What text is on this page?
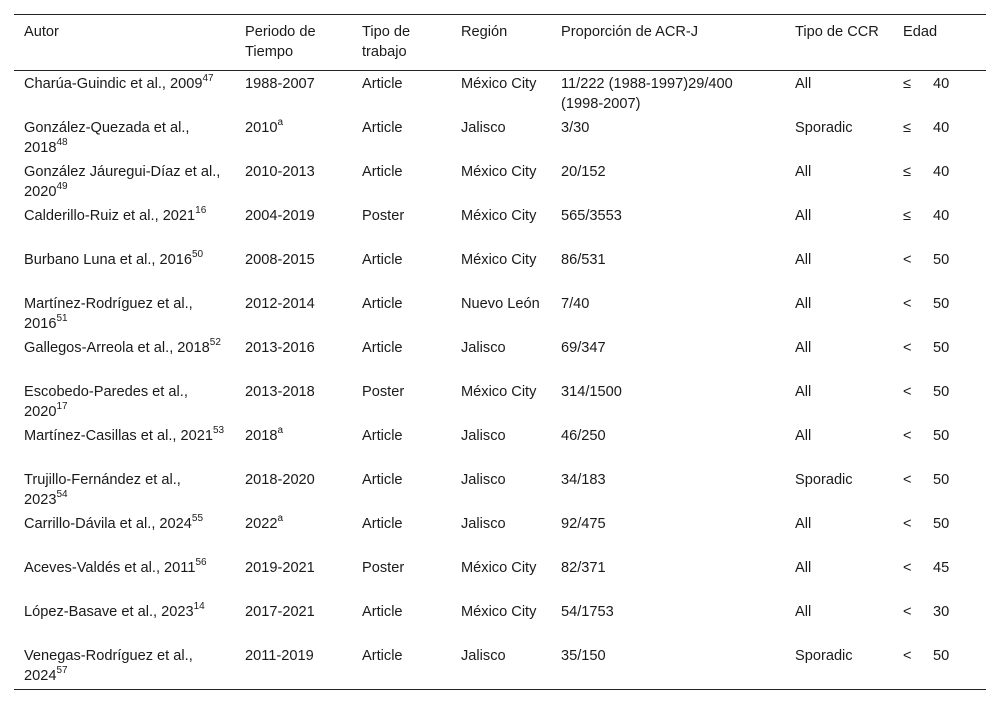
Autor	Periodo de Tiempo	Tipo de trabajo	Región	Proporción de ACR-J	Tipo de CCR	Edad
Charúa-Guindic et al., 2009$^{47}$	1988-2007	Article	México City	11/222 (1988-1997)29/400 (1998-2007)	All	≤ 40

González-Quezada et al., 2018$^{48}$	2010$^a$	Article	Jalisco	3/30	Sporadic	≤ 40

González Jáuregui-Díaz et al., 2020$^{49}$	2010-2013	Article	México City	20/152	All	≤ 40

Calderillo-Ruiz et al., 2021$^{16}$	2004-2019	Poster	México City	565/3553	All	≤ 40

Burbano Luna et al., 2016$^{50}$	2008-2015	Article	México City	86/531	All	< 50

Martínez-Rodríguez et al., 2016$^{51}$	2012-2014	Article	Nuevo León	7/40	All	< 50

Gallegos-Arreola et al., 2018$^{52}$	2013-2016	Article	Jalisco	69/347	All	< 50

Escobedo-Paredes et al., 2020$^{17}$	2013-2018	Poster	México City	314/1500	All	< 50

Martínez-Casillas et al., 2021$^{53}$	2018$^a$	Article	Jalisco	46/250	All	< 50

Trujillo-Fernández et al., 2023$^{54}$	2018-2020	Article	Jalisco	34/183	Sporadic	< 50

Carrillo-Dávila et al., 2024$^{55}$	2022$^a$	Article	Jalisco	92/475	All	< 50

Aceves-Valdés et al., 2011$^{56}$	2019-2021	Poster	México City	82/371	All	< 45

López-Basave et al., 2023$^{14}$	2017-2021	Article	México City	54/1753	All	< 30

Venegas-Rodríguez et al., 2024$^{57}$	2011-2019	Article	Jalisco	35/150	Sporadic	< 50
